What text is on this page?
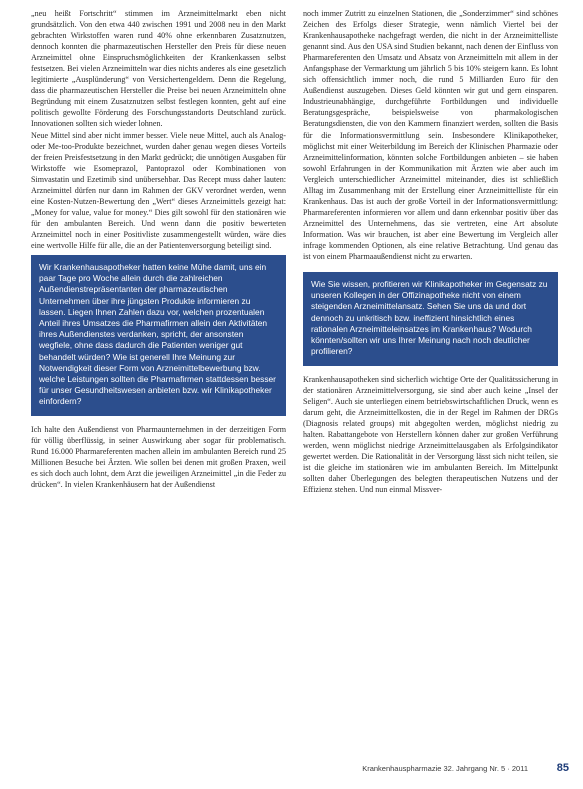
„neu heißt Fortschritt“ stimmen im Arzneimittelmarkt eben nicht grundsätzlich. Von den etwa 440 zwischen 1991 und 2008 neu in den Markt gebrachten Wirkstoffen waren rund 40% ohne erkennbaren Zusatznutzen, dennoch konnten die pharmazeutischen Hersteller den Preis für diese neuen Arzneimittel ohne Einspruchsmöglichkeiten der Krankenkassen selbst festsetzen. Bei vielen Arzneimitteln war dies nichts anderes als eine gesetzlich legitimierte „Ausplünderung“ von Versichertengeldern. Denn die Regelung, dass die pharmazeutischen Hersteller die Preise bei neuen Arzneimitteln ohne Begründung mit einem Zusatznutzen selbst festlegen konnten, geht auf eine politisch gewollte Förderung des Forschungsstandorts Deutschland zurück. Innovationen sollten sich wieder lohnen.

Neue Mittel sind aber nicht immer besser. Viele neue Mittel, auch als Analog- oder Me-too-Produkte bezeichnet, wurden daher genau wegen dieses Vorteils der freien Preisfestsetzung in den Markt gedrückt; die unnötigen Ausgaben für Wirkstoffe wie Esomeprazol, Pantoprazol oder Kombinationen von Simvastatin und Ezetimib sind unübersehbar. Das Recept muss daher lauten: Arzneimittel dürfen nur dann im Rahmen der GKV verordnet werden, wenn eine Kosten-Nutzen-Bewertung den „Wert“ dieses Arzneimittels gezeigt hat: „Money for value, value for money.“ Dies gilt sowohl für den stationären wie für den ambulanten Bereich. Und wenn dann die positiv bewerteten Arzneimittel noch in einer Positivliste zusammengestellt würden, wäre dies eine wertvolle Hilfe für alle, die an der Patientenversorgung beteiligt sind.

Wir Krankenhausapotheker hatten keine Mühe damit, uns ein paar Tage pro Woche allein durch die zahlreichen Außendienstrepräsentanten der pharmazeutischen Unternehmen über ihre jüngsten Produkte informieren zu lassen. Liegen Ihnen Zahlen dazu vor, welchen prozentualen Anteil ihres Umsatzes die Pharmafirmen allein den Aktivitäten ihres Außendienstes verdanken, spricht, der ansonsten wegfiele, ohne dass dadurch die Patienten weniger gut behandelt würden? Wie ist generell Ihre Meinung zur Notwendigkeit dieser Form von Arzneimittelbewerbung bzw. welche Leistungen sollten die Pharmafirmen stattdessen besser für unser Gesundheitswesen anbieten bzw. wir Klinikapotheker einfordern?

Ich halte den Außendienst von Pharmaunternehmen in der derzeitigen Form für völlig überflüssig, in seiner Auswirkung aber sogar für problematisch. Rund 16.000 Pharmareferenten machen allein im ambulanten Bereich rund 25 Millionen Besuche bei Ärzten. Wie sollen bei denen mit großen Praxen, weil es sich doch auch lohnt, dem Arzt die jeweiligen Arzneimittel „in die Feder zu drücken“. In vielen Krankenhäusern hat der Außendienst

noch immer Zutritt zu einzelnen Stationen, die „Sonderzimmer“ sind schönes Zeichen des Erfolgs dieser Strategie, wenn nämlich Viertel bei der Krankenhausapotheke nachgefragt werden, die nicht in der Arzneimittelliste genannt sind. Aus den USA sind Studien bekannt, nach denen der Einfluss von Pharmareferenten den Umsatz und Absatz von Arzneimitteln mit allem in der Anfangsphase der Vermarktung um jährlich 5 bis 10% steigern kann. Es lohnt sich offensichtlich immer noch, die rund 5 Milliarden Euro für den Außendienst auszugeben. Dieses Geld könnten wir gut und gern einsparen. Industrieunabhängige, durchgeführte Fortbildungen und individuelle Beratungsgespräche, beispielsweise von pharmakologischen Beratungsdiensten, die von den Kammern finanziert werden, sollten die Basis für die Informationsvermittlung sein. Insbesondere Klinikapotheker, möglichst mit einer Weiterbildung im Bereich der Klinischen Pharmazie oder Arzneimittelinformation, könnten solche Fortbildungen anbieten – sie haben sowohl Erfahrungen in der Kommunikation mit Ärzten wie aber auch im Vergleich unterschiedlicher Arzneimittel miteinander, dies ist schließlich Alltag im Zusammenhang mit der Erstellung einer Arzneimittelliste für ein Krankenhaus. Das ist auch der große Vorteil in der Informationsvermittlung: Pharmareferenten informieren vor allem und dann erkennbar positiv über das Arzneimittel des Unternehmens, das sie vertreten, eine Art absolute Information. Was wir brauchen, ist aber eine Bewertung im Vergleich aller infrage kommenden Optionen, als eine relative Betrachtung. Und genau das ist von einem Pharmaaußendienst nicht zu erwarten.

Wie Sie wissen, profitieren wir Klinikapotheker im Gegensatz zu unseren Kollegen in der Offizinapotheke nicht von einem steigenden Arzneimittelansatz. Sehen Sie uns da und dort dennoch zu unkritisch bzw. ineffizient hinsichtlich eines rationalen Arzneimitteleinsatzes im Krankenhaus? Wodurch könnten/sollten wir uns Ihrer Meinung nach noch deutlicher profilieren?

Krankenhausapotheken sind sicherlich wichtige Orte der Qualitätssicherung in der stationären Arzneimittelversorgung, sie sind aber auch keine „Insel der Seligen“. Auch sie unterliegen einem betriebswirtschaftlichen Druck, wenn es darum geht, die Arzneimittelkosten, die in der Regel im Rahmen der DRGs (Diagnosis related groups) mit abgegolten werden, möglichst niedrig zu halten. Rabattangebote von Herstellern können daher zur großen Verführung werden, wenn möglichst niedrige Arzneimittelausgaben als Erfolgsindikator gewertet werden. Die Rationalität in der Versorgung lässt sich nicht teilen, sie ist die gleiche im stationären wie im ambulanten Bereich. Im Mittelpunkt sollten daher Überlegungen des belegten therapeutischen Nutzens und der Effizienz stehen. Und nun einmal Missver-

Krankenhauspharmazie 32. Jahrgang Nr. 5 · 2011	85
